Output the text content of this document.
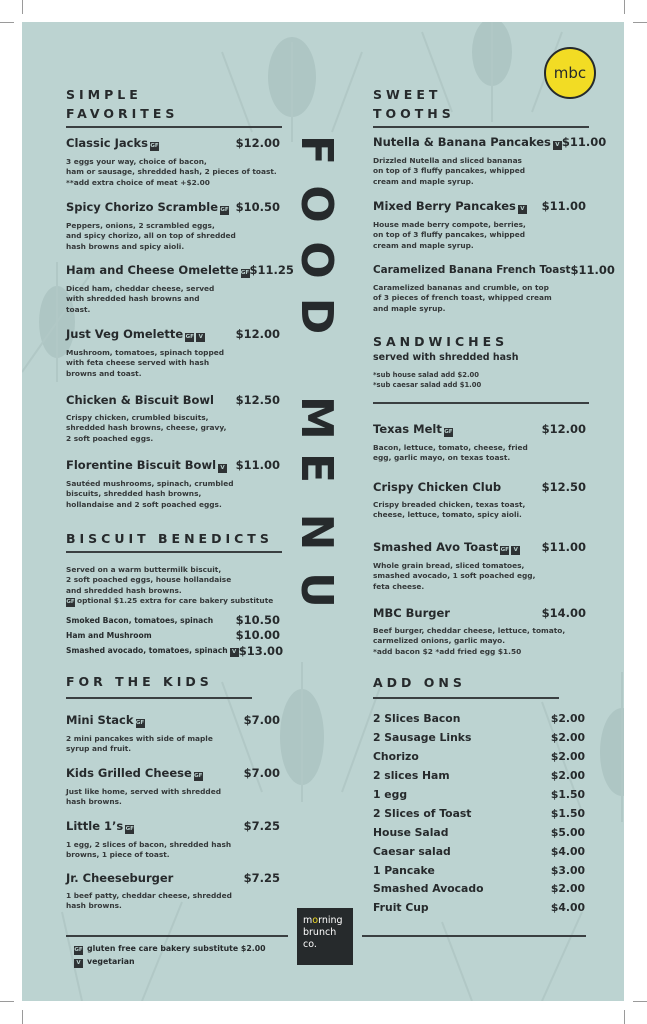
mbc
F
O
O
D
M
E
N
U
SIMPLE
FAVORITES
Classic Jacks GF	$12.00
3 eggs your way, choice of bacon,
ham or sausage, shredded hash, 2 pieces of toast.
**add extra choice of meat +$2.00
Spicy Chorizo Scramble GF $10.50
Peppers, onions, 2 scrambled eggs,
and spicy chorizo, all on top of shredded
hash browns and spicy aioli.
Ham and Cheese Omelette GF $11.25
Diced ham, cheddar cheese, served
with shredded hash browns and
toast.
Just Veg Omelette GF V	$12.00
Mushroom, tomatoes, spinach topped
with feta cheese served with hash
browns and toast.
Chicken & Biscuit Bowl $12.50
Crispy chicken, crumbled biscuits,
shredded hash browns, cheese, gravy,
2 soft poached eggs.
Florentine Biscuit Bowl V $11.00
Sautéed mushrooms, spinach, crumbled
biscuits, shredded hash browns,
hollandaise and 2 soft poached eggs.
BISCUIT BENEDICTS
Served on a warm buttermilk biscuit,
2 soft poached eggs, house hollandaise
and shredded hash browns.
GF optional $1.25 extra for care bakery substitute
Smoked Bacon, tomatoes, spinach $10.50
Ham and Mushroom	$10.00
Smashed avocado, tomatoes, spinach V $13.00
FOR THE KIDS
Mini Stack GF	$7.00
2 mini pancakes with side of maple
syrup and fruit.
Kids Grilled Cheese GF	$7.00
Just like home, served with shredded
hash browns.
Little 1’s GF	$7.25
1 egg, 2 slices of bacon, shredded hash
browns, 1 piece of toast.
Jr. Cheeseburger	$7.25
1 beef patty, cheddar cheese, shredded
hash browns.
GF gluten free care bakery substitute $2.00
V vegetarian
morning
brunch
co.
SWEET
TOOTHS
Nutella & Banana Pancakes V $11.00
Drizzled Nutella and sliced bananas
on top of 3 fluffy pancakes, whipped
cream and maple syrup.
Mixed Berry Pancakes V $11.00
House made berry compote, berries,
on top of 3 fluffy pancakes, whipped
cream and maple syrup.
Caramelized Banana French Toast $11.00
Caramelized bananas and crumble, on top
of 3 pieces of french toast, whipped cream
and maple syrup.
SANDWICHES
served with shredded hash
*sub house salad add $2.00
*sub caesar salad add $1.00
Texas Melt GF	$12.00
Bacon, lettuce, tomato, cheese, fried
egg, garlic mayo, on texas toast.
Crispy Chicken Club	$12.50
Crispy breaded chicken, texas toast,
cheese, lettuce, tomato, spicy aioli.
Smashed Avo Toast GF V $11.00
Whole grain bread, sliced tomatoes,
smashed avocado, 1 soft poached egg,
feta cheese.
MBC Burger	$14.00
Beef burger, cheddar cheese, lettuce, tomato,
carmelized onions, garlic mayo.
*add bacon $2 *add fried egg $1.50
ADD ONS
2 Slices Bacon	$2.00
2 Sausage Links	$2.00
Chorizo	$2.00
2 slices Ham	$2.00
1 egg	$1.50
2 Slices of Toast	$1.50
House Salad	$5.00
Caesar salad	$4.00
1 Pancake	$3.00
Smashed Avocado	$2.00
Fruit Cup	$4.00
